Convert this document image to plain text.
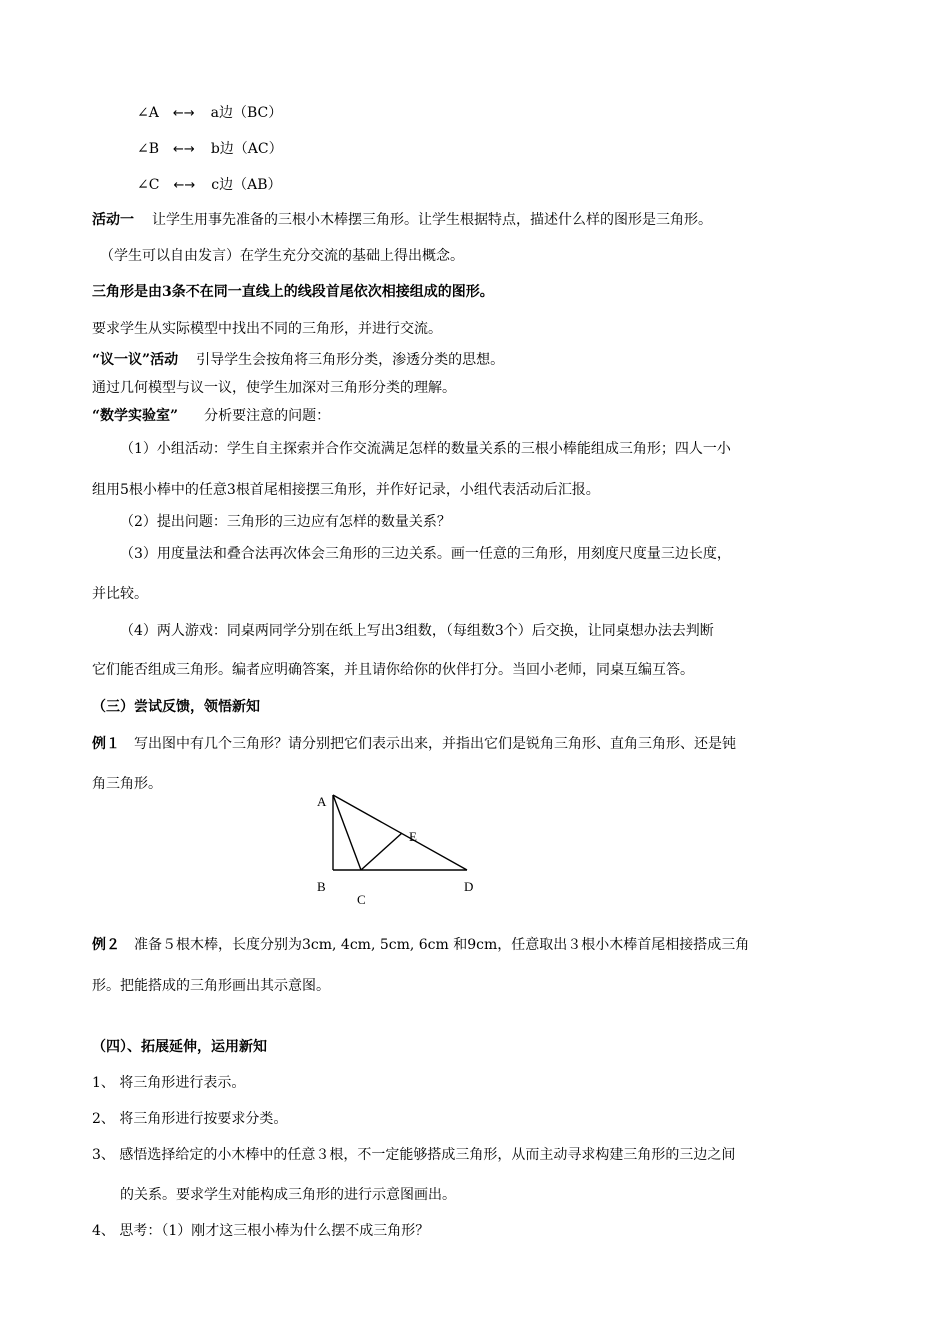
∠A ←→ a边（BC）
∠B ←→ b边（AC）
∠C ←→ c边（AB）
活动一 让学生用事先准备的三根小木棒摆三角形。让学生根据特点，描述什么样的图形是三角形。
（学生可以自由发言）在学生充分交流的基础上得出概念。
三角形是由3条不在同一直线上的线段首尾依次相接组成的图形。
要求学生从实际模型中找出不同的三角形，并进行交流。
“议一议”活动 引导学生会按角将三角形分类，渗透分类的思想。
通过几何模型与议一议，使学生加深对三角形分类的理解。
“数学实验室” 分析要注意的问题：
（1）小组活动：学生自主探索并合作交流满足怎样的数量关系的三根小棒能组成三角形；四人一小
组用5根小棒中的任意3根首尾相接摆三角形，并作好记录，小组代表活动后汇报。
（2）提出问题：三角形的三边应有怎样的数量关系？
（3）用度量法和叠合法再次体会三角形的三边关系。画一任意的三角形，用刻度尺度量三边长度，
并比较。
（4）两人游戏：同桌两同学分别在纸上写出3组数，（每组数3个）后交换，让同桌想办法去判断
它们能否组成三角形。编者应明确答案，并且请你给你的伙伴打分。当回小老师，同桌互编互答。
（三）尝试反馈，领悟新知
例１ 写出图中有几个三角形？请分别把它们表示出来，并指出它们是锐角三角形、直角三角形、还是钝
角三角形。
A
E
B	D
C
例２ 准备５根木棒，长度分别为3cm, 4cm, 5cm, 6cm 和9cm，任意取出３根小木棒首尾相接搭成三角
形。把能搭成的三角形画出其示意图。
（四）、拓展延伸，运用新知
1、 将三角形进行表示。
2、 将三角形进行按要求分类。
3、 感悟选择给定的小木棒中的任意３根，不一定能够搭成三角形，从而主动寻求构建三角形的三边之间
的关系。要求学生对能构成三角形的进行示意图画出。
4、 思考：（1）刚才这三根小棒为什么摆不成三角形？
